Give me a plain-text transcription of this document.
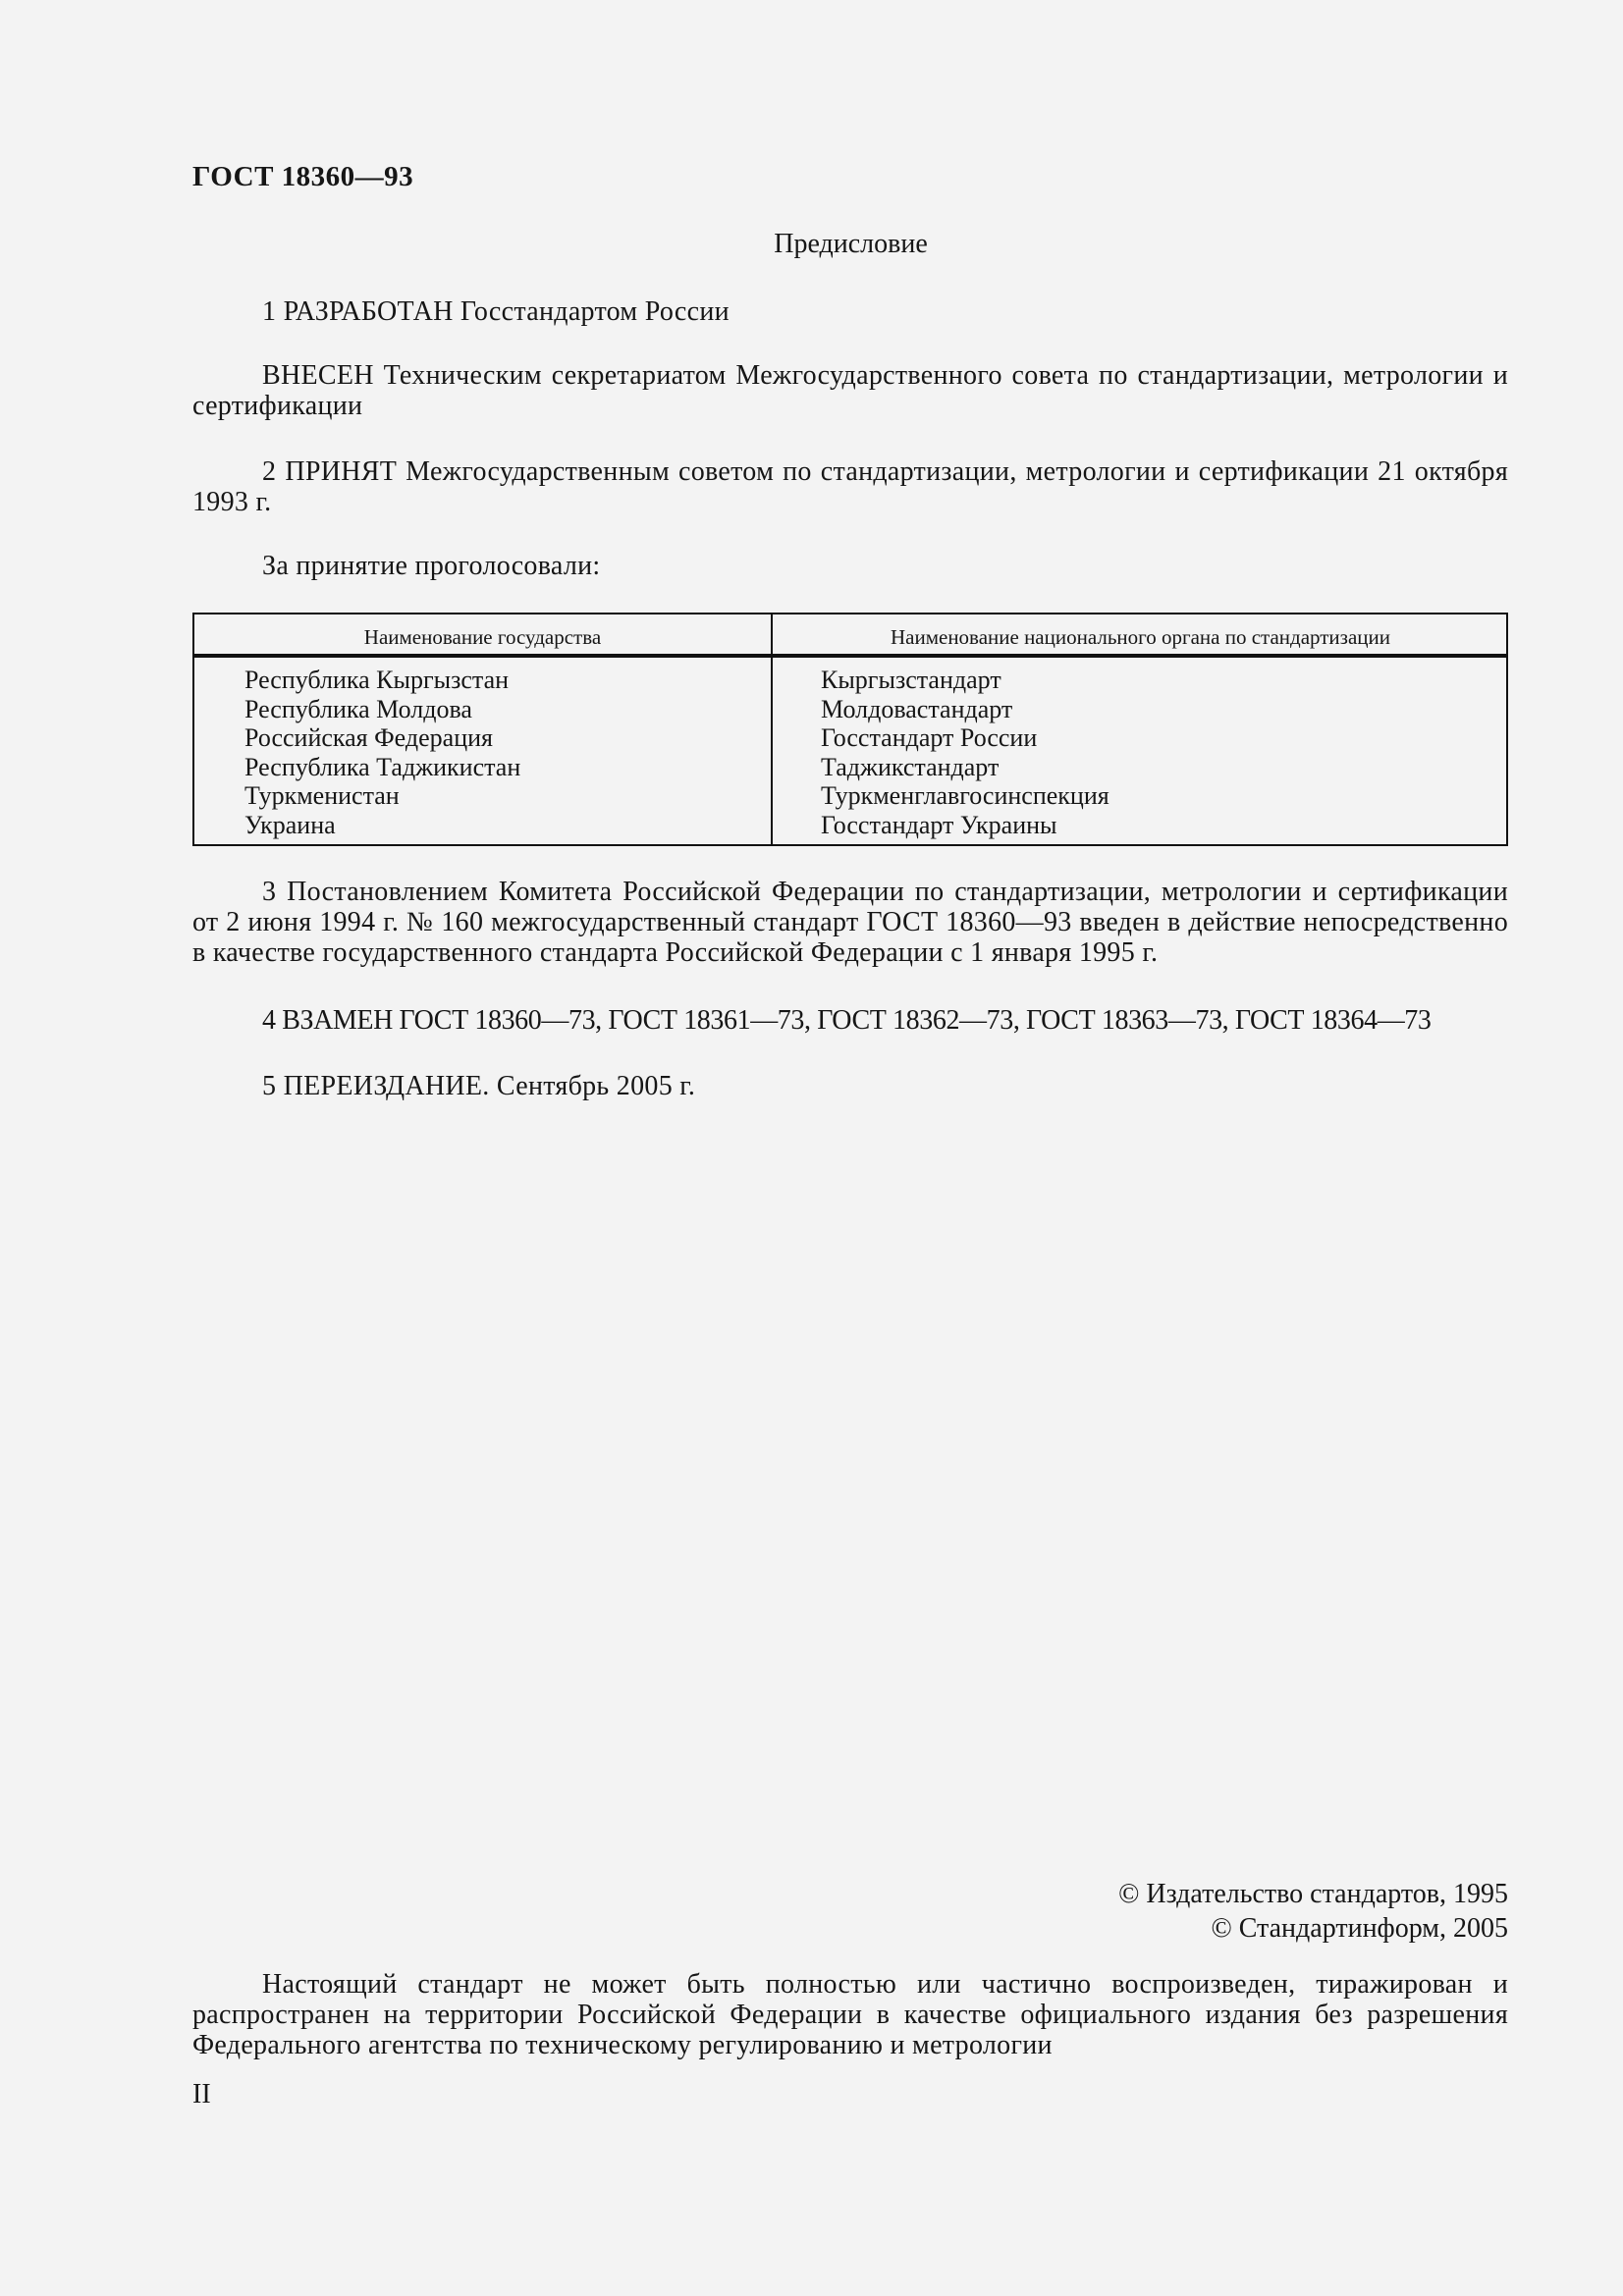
ГОСТ 18360—93
Предисловие
1 РАЗРАБОТАН Госстандартом России
ВНЕСЕН Техническим секретариатом Межгосударственного совета по стандартизации, метрологии и сертификации
2 ПРИНЯТ Межгосударственным советом по стандартизации, метрологии и сертификации 21 октября 1993 г.
За принятие проголосовали:
Наименование государства	Наименование национального органа по стандартизации
Республика Кыргызстан
Республика Молдова
Российская Федерация
Республика Таджикистан
Туркменистан
Украина
Кыргызстандарт
Молдовастандарт
Госстандарт России
Таджикстандарт
Туркменглавгосинспекция
Госстандарт Украины
3 Постановлением Комитета Российской Федерации по стандартизации, метрологии и сертификации от 2 июня 1994 г. № 160 межгосударственный стандарт ГОСТ 18360—93 введен в действие непосредственно в качестве государственного стандарта Российской Федерации с 1 января 1995 г.
4 ВЗАМЕН ГОСТ 18360—73, ГОСТ 18361—73, ГОСТ 18362—73, ГОСТ 18363—73, ГОСТ 18364—73
5 ПЕРЕИЗДАНИЕ. Сентябрь 2005 г.
© Издательство стандартов, 1995
© Стандартинформ, 2005
Настоящий стандарт не может быть полностью или частично воспроизведен, тиражирован и распространен на территории Российской Федерации в качестве официального издания без разрешения Федерального агентства по техническому регулированию и метрологии
II
